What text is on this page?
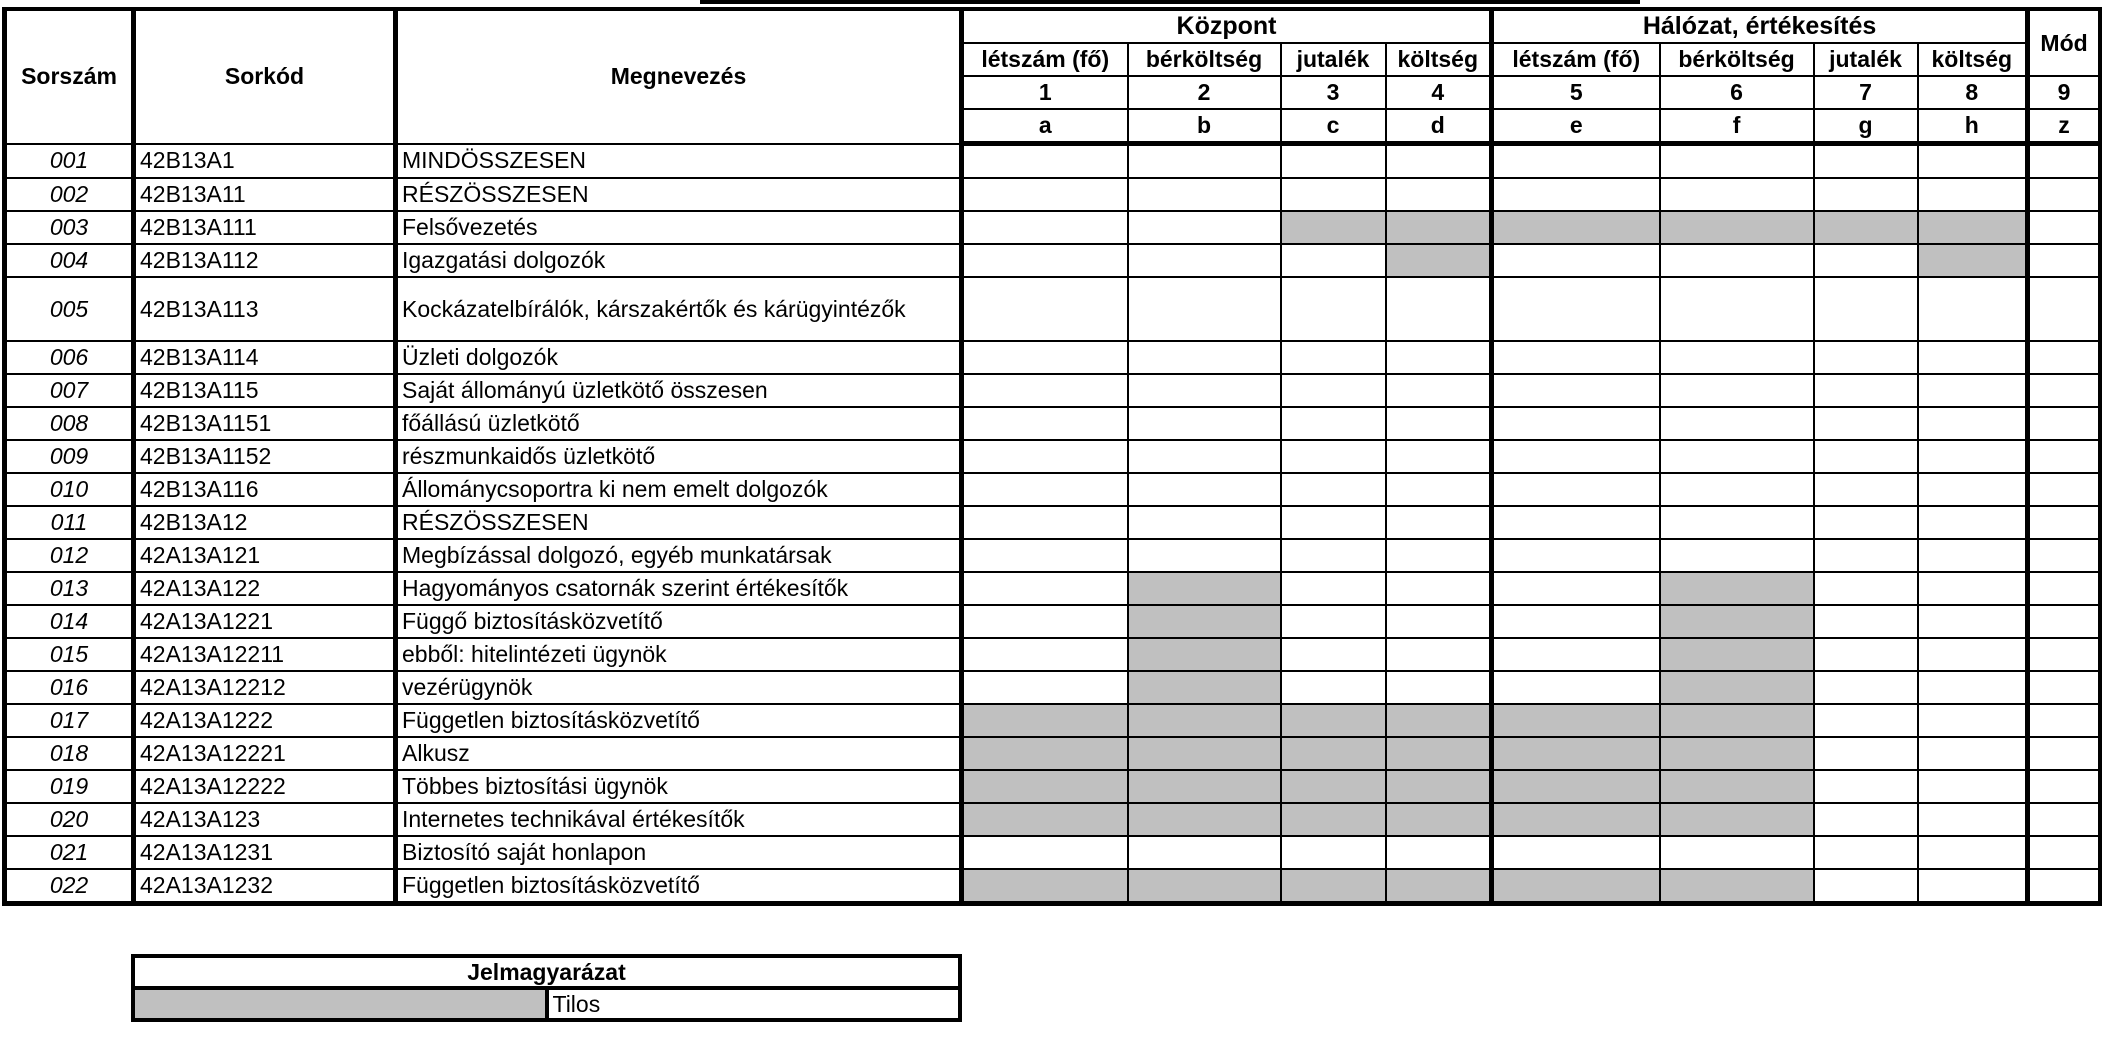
Sorszám	Sorkód	Megnevezés	Központ				Hálózat, értékesítés				Mód
			létszám (fő)	bérköltség	jutalék	költség	létszám (fő)	bérköltség	jutalék	költség	
			1	2	3	4	5	6	7	8	9
			a	b	c	d	e	f	g	h	z
001	42B13A1	MINDÖSSZESEN									
002	42B13A11	RÉSZÖSSZESEN									
003	42B13A111	Felsővezetés									
004	42B13A112	Igazgatási dolgozók									
005	42B13A113	Kockázatelbírálók, kárszakértők és kárügyintézők									
006	42B13A114	Üzleti dolgozók									
007	42B13A115	Saját állományú üzletkötő összesen									
008	42B13A1151	főállású üzletkötő									
009	42B13A1152	részmunkaidős üzletkötő									
010	42B13A116	Állománycsoportra ki nem emelt dolgozók									
011	42B13A12	RÉSZÖSSZESEN									
012	42A13A121	Megbízással dolgozó, egyéb munkatársak									
013	42A13A122	Hagyományos csatornák szerint értékesítők									
014	42A13A1221	Függő biztosításközvetítő									
015	42A13A12211	ebből: hitelintézeti ügynök									
016	42A13A12212	vezérügynök									
017	42A13A1222	Független biztosításközvetítő									
018	42A13A12221	Alkusz									
019	42A13A12222	Többes biztosítási ügynök									
020	42A13A123	Internetes technikával értékesítők									
021	42A13A1231	Biztosító saját honlapon									
022	42A13A1232	Független biztosításközvetítő									
Jelmagyarázat
	Tilos
